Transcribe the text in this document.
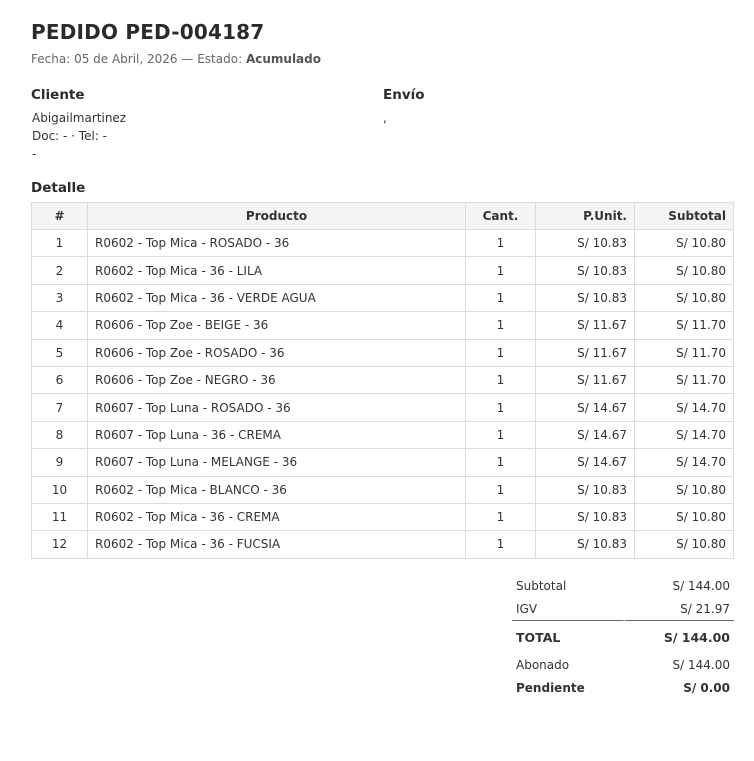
PEDIDO PED-004187
Fecha: 05 de Abril, 2026 — Estado: Acumulado
Cliente
Abigailmartinez
Doc: - · Tel: -
-
Envío
,
Detalle
#	Producto	Cant.	P.Unit.	Subtotal
1	R0602 - Top Mica - ROSADO - 36	1	S/ 10.83	S/ 10.80
2	R0602 - Top Mica - 36 - LILA	1	S/ 10.83	S/ 10.80
3	R0602 - Top Mica - 36 - VERDE AGUA	1	S/ 10.83	S/ 10.80
4	R0606 - Top Zoe - BEIGE - 36	1	S/ 11.67	S/ 11.70
5	R0606 - Top Zoe - ROSADO - 36	1	S/ 11.67	S/ 11.70
6	R0606 - Top Zoe - NEGRO - 36	1	S/ 11.67	S/ 11.70
7	R0607 - Top Luna - ROSADO - 36	1	S/ 14.67	S/ 14.70
8	R0607 - Top Luna - 36 - CREMA	1	S/ 14.67	S/ 14.70
9	R0607 - Top Luna - MELANGE - 36	1	S/ 14.67	S/ 14.70
10	R0602 - Top Mica - BLANCO - 36	1	S/ 10.83	S/ 10.80
11	R0602 - Top Mica - 36 - CREMA	1	S/ 10.83	S/ 10.80
12	R0602 - Top Mica - 36 - FUCSIA	1	S/ 10.83	S/ 10.80
Subtotal	S/ 144.00
IGV	S/ 21.97
TOTAL	S/ 144.00
Abonado	S/ 144.00
Pendiente	S/ 0.00
